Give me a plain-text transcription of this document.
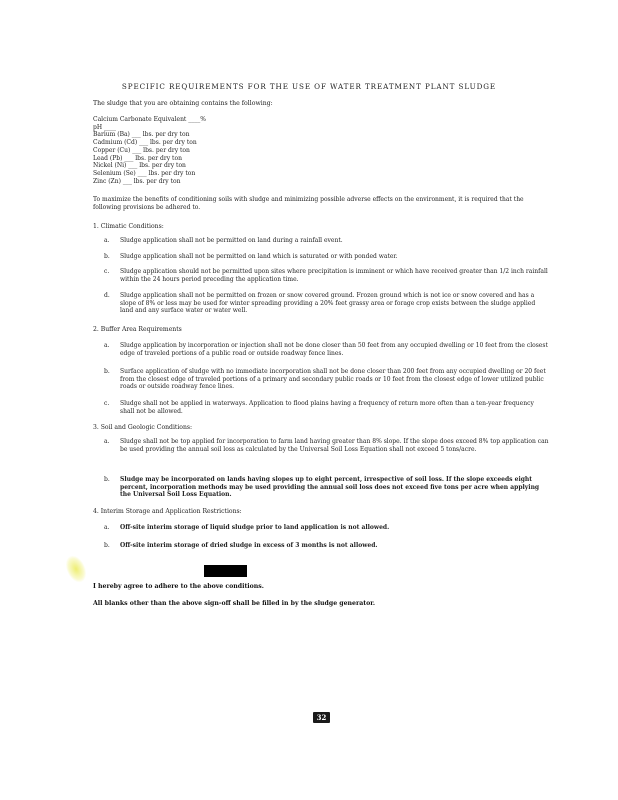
SPECIFIC REQUIREMENTS FOR THE USE OF WATER TREATMENT PLANT SLUDGE
The sludge that you are obtaining contains the following:
Calcium Carbonate Equivalent ____%
pH ____
Barium (Ba) ___ lbs. per dry ton
Cadmium (Cd) ___ lbs. per dry ton
Copper (Cu) ___ lbs. per dry ton
Lead (Pb) ___ lbs. per dry ton
Nickel (Ni) ___ lbs. per dry ton
Selenium (Se) ___ lbs. per dry ton
Zinc (Zn) ___ lbs. per dry ton
To maximize the benefits of conditioning soils with sludge and minimizing possible adverse effects on the environment, it is required that the following provisions be adhered to.
1. Climatic Conditions:
a. Sludge application shall not be permitted on land during a rainfall event.
b. Sludge application shall not be permitted on land which is saturated or with ponded water.
c. Sludge application should not be permitted upon sites where precipitation is imminent or which have received greater than 1/2 inch rainfall within the 24 hours period preceding the application time.
d. Sludge application shall not be permitted on frozen or snow covered ground. Frozen ground which is not ice or snow covered and has a slope of 8% or less may be used for winter spreading providing a 20% feet grassy area or forage crop exists between the sludge applied land and any surface water or water well.
2. Buffer Area Requirements
a. Sludge application by incorporation or injection shall not be done closer than 50 feet from any occupied dwelling or 10 feet from the closest edge of traveled portions of a public road or outside roadway fence lines.
b. Surface application of sludge with no immediate incorporation shall not be done closer than 200 feet from any occupied dwelling or 20 feet from the closest edge of traveled portions of a primary and secondary public roads or 10 feet from the closest edge of lower utilized public roads or outside roadway fence lines.
c. Sludge shall not be applied in waterways. Application to flood plains having a frequency of return more often than a ten-year frequency shall not be allowed.
3. Soil and Geologic Conditions:
a. Sludge shall not be top applied for incorporation to farm land having greater than 8% slope. If the slope does exceed 8% top application can be used providing the annual soil loss as calculated by the Universal Soil Loss Equation shall not exceed 5 tons/acre.
b. Sludge may be incorporated on lands having slopes up to eight percent, irrespective of soil loss. If the slope exceeds eight percent, incorporation methods may be used providing the annual soil loss does not exceed five tons per acre when applying the Universal Soil Loss Equation.
4. Interim Storage and Application Restrictions:
a. Off-site interim storage of liquid sludge prior to land application is not allowed.
b. Off-site interim storage of dried sludge in excess of 3 months is not allowed.
I hereby agree to adhere to the above conditions.
All blanks other than the above sign-off shall be filled in by the sludge generator.
32
